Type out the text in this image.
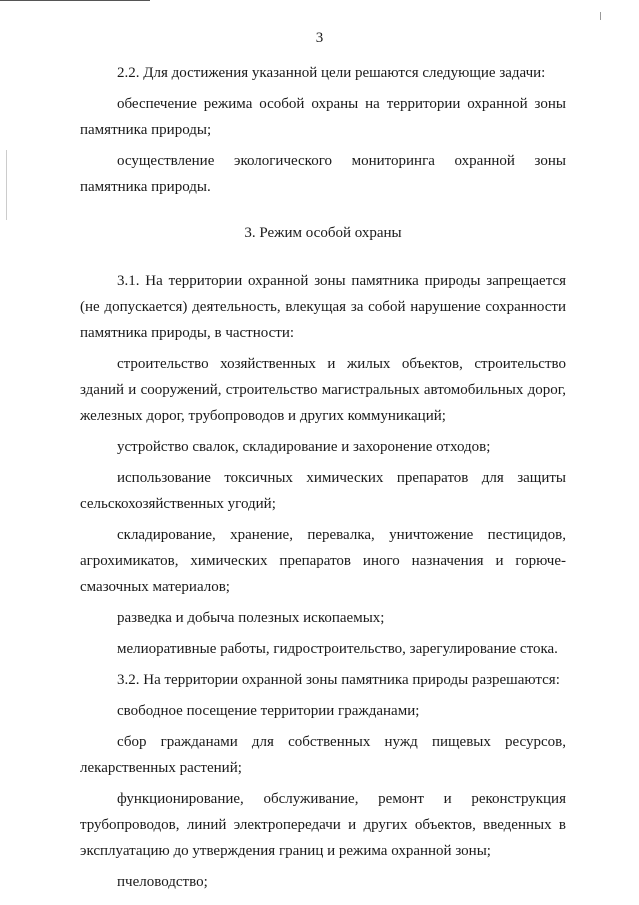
3

2.2. Для достижения указанной цели решаются следующие задачи:

обеспечение режима особой охраны на территории охранной зоны памятника природы;

осуществление экологического мониторинга охранной зоны памятника природы.

3. Режим особой охраны

3.1. На территории охранной зоны памятника природы запрещается (не допускается) деятельность, влекущая за собой нарушение сохранности памятника природы, в частности:

строительство хозяйственных и жилых объектов, строительство зданий и сооружений, строительство магистральных автомобильных дорог, железных дорог, трубопроводов и других коммуникаций;

устройство свалок, складирование и захоронение отходов;

использование токсичных химических препаратов для защиты сельскохозяйственных угодий;

складирование, хранение, перевалка, уничтожение пестицидов, агрохимикатов, химических препаратов иного назначения и горюче-смазочных материалов;

разведка и добыча полезных ископаемых;

мелиоративные работы, гидростроительство, зарегулирование стока.

3.2. На территории охранной зоны памятника природы разрешаются:

свободное посещение территории гражданами;

сбор гражданами для собственных нужд пищевых ресурсов, лекарственных растений;

функционирование, обслуживание, ремонт и реконструкция трубопроводов, линий электропередачи и других объектов, введенных в эксплуатацию до утверждения границ и режима охранной зоны;

пчеловодство;
